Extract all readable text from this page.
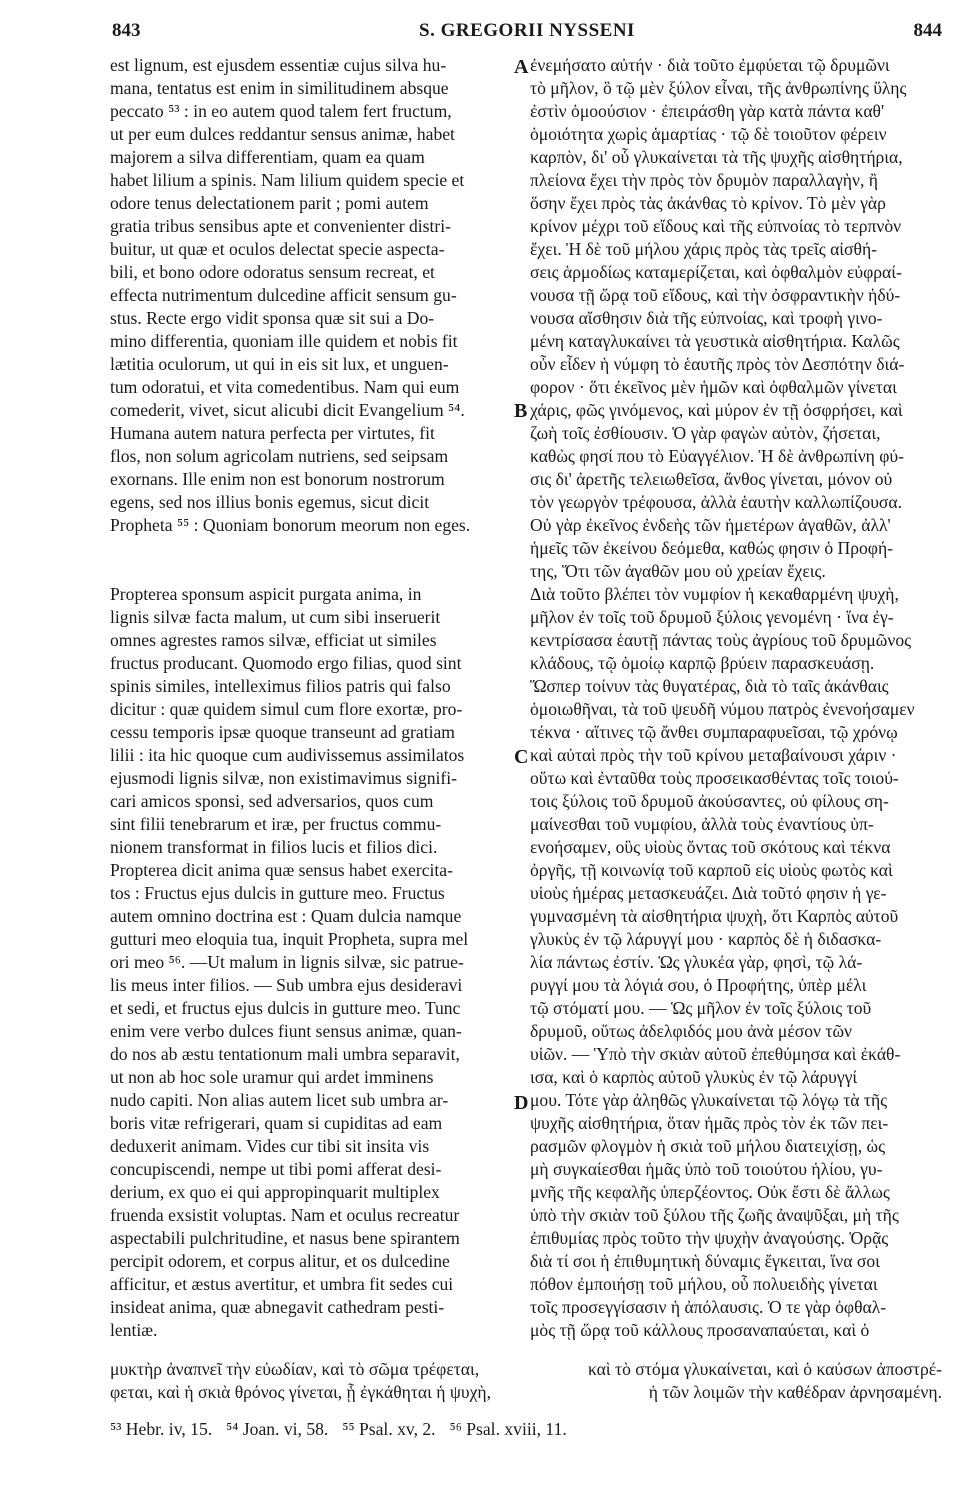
843	S. GREGORII NYSSENI	844
est lignum, est ejusdem essentiæ cujus silva hu-
mana, tentatus est enim in similitudinem absque
peccato ⁵³ : in eo autem quod talem fert fructum,
ut per eum dulces reddantur sensus animæ, habet
majorem a silva differentiam, quam ea quam
habet lilium a spinis. Nam lilium quidem specie et
odore tenus delectationem parit ; pomi autem
gratia tribus sensibus apte et convenienter distri-
buitur, ut quæ et oculos delectat specie aspecta-
bili, et bono odore odoratus sensum recreat, et
effecta nutrimentum dulcedine afficit sensum gu-
stus. Recte ergo vidit sponsa quæ sit sui a Do-
mino differentia, quoniam ille quidem et nobis fit
lætitia oculorum, ut qui in eis sit lux, et unguen-
tum odoratui, et vita comedentibus. Nam qui eum
comederit, vivet, sicut alicubi dicit Evangelium ⁵⁴.
Humana autem natura perfecta per virtutes, fit
flos, non solum agricolam nutriens, sed seipsam
exornans. Ille enim non est bonorum nostrorum
egens, sed nos illius bonis egemus, sicut dicit
Propheta ⁵⁵ : Quoniam bonorum meorum non eges.
Propterea sponsum aspicit purgata anima, in
lignis silvæ facta malum, ut cum sibi inseruerit
omnes agrestes ramos silvæ, efficiat ut similes
fructus producant. Quomodo ergo filias, quod sint
spinis similes, intelleximus filios patris qui falso
dicitur : quæ quidem simul cum flore exortæ, pro-
cessu temporis ipsæ quoque transeunt ad gratiam
lilii : ita hic quoque cum audivissemus assimilatos
ejusmodi lignis silvæ, non existimavimus signifi-
cari amicos sponsi, sed adversarios, quos cum
sint filii tenebrarum et iræ, per fructus commu-
nionem transformat in filios lucis et filios dici.
Propterea dicit anima quæ sensus habet exercita-
tos : Fructus ejus dulcis in gutture meo. Fructus
autem omnino doctrina est : Quam dulcia namque
gutturi meo eloquia tua, inquit Propheta, supra mel
ori meo ⁵⁶. —Ut malum in lignis silvæ, sic patrue-
lis meus inter filios. — Sub umbra ejus desideravi
et sedi, et fructus ejus dulcis in gutture meo. Tunc
enim vere verbo dulces fiunt sensus animæ, quan-
do nos ab æstu tentationum mali umbra separavit,
ut non ab hoc sole uramur qui ardet imminens
nudo capiti. Non alias autem licet sub umbra ar-
boris vitæ refrigerari, quam si cupiditas ad eam
deduxerit animam. Vides cur tibi sit insita vis
concupiscendi, nempe ut tibi pomi afferat desi-
derium, ex quo ei qui appropinquarit multiplex
fruenda exsistit voluptas. Nam et oculus recreatur
aspectabili pulchritudine, et nasus bene spirantem
percipit odorem, et corpus alitur, et os dulcedine
afficitur, et æstus avertitur, et umbra fit sedes cui
insideat anima, quæ abnegavit cathedram pesti-
lentiæ.
ἐνεμήσατο αὐτήν · διὰ τοῦτο ἐμφύεται τῷ δρυμῶνι
τὸ μῆλον, ὃ τῷ μὲν ξύλον εἶναι, τῆς ἀνθρωπίνης ὕλης
ἐστὶν ὁμοούσιον · ἐπειράσθη γὰρ κατὰ πάντα καθ'
ὁμοιότητα χωρὶς ἁμαρτίας · τῷ δὲ τοιοῦτον φέρειν
καρπὸν, δι' οὗ γλυκαίνεται τὰ τῆς ψυχῆς αἰσθητήρια,
πλείονα ἔχει τὴν πρὸς τὸν δρυμὸν παραλλαγὴν, ἢ
ὅσην ἔχει πρὸς τὰς ἀκάνθας τὸ κρίνον. Τὸ μὲν γὰρ
κρίνον μέχρι τοῦ εἴδους καὶ τῆς εὐπνοίας τὸ τερπνὸν
ἔχει. Ἡ δὲ τοῦ μήλου χάρις πρὸς τὰς τρεῖς αἰσθή-
σεις ἁρμοδίως καταμερίζεται, καὶ ὀφθαλμὸν εὐφραί-
νουσα τῇ ὥρᾳ τοῦ εἴδους, καὶ τὴν ὀσφραντικὴν ἡδύ-
νουσα αἴσθησιν διὰ τῆς εὐπνοίας, καὶ τροφὴ γινο-
μένη καταγλυκαίνει τὰ γευστικὰ αἰσθητήρια. Καλῶς
οὖν εἶδεν ἡ νύμφη τὸ ἑαυτῆς πρὸς τὸν Δεσπότην διά-
φορον · ὅτι ἐκεῖνος μὲν ἡμῶν καὶ ὀφθαλμῶν γίνεται
χάρις, φῶς γινόμενος, καὶ μύρον ἐν τῇ ὀσφρήσει, καὶ
ζωὴ τοῖς ἐσθίουσιν. Ὁ γὰρ φαγὼν αὐτὸν, ζήσεται,
καθὼς φησί που τὸ Εὐαγγέλιον. Ἡ δὲ ἀνθρωπίνη φύ-
σις δι' ἀρετῆς τελειωθεῖσα, ἄνθος γίνεται, μόνον οὐ
τὸν γεωργὸν τρέφουσα, ἀλλὰ ἑαυτὴν καλλωπίζουσα.
Οὐ γὰρ ἐκεῖνος ἐνδεὴς τῶν ἡμετέρων ἀγαθῶν, ἀλλ'
ἡμεῖς τῶν ἐκείνου δεόμεθα, καθώς φησιν ὁ Προφή-
της, Ὅτι τῶν ἀγαθῶν μου οὐ χρείαν ἔχεις.
Διὰ τοῦτο βλέπει τὸν νυμφίον ἡ κεκαθαρμένη ψυχὴ,
μῆλον ἐν τοῖς τοῦ δρυμοῦ ξύλοις γενομένη · ἵνα ἐγ-
κεντρίσασα ἑαυτῇ πάντας τοὺς ἀγρίους τοῦ δρυμῶνος
κλάδους, τῷ ὁμοίῳ καρπῷ βρύειν παρασκευάσῃ.
Ὥσπερ τοίνυν τὰς θυγατέρας, διὰ τὸ ταῖς ἀκάνθαις
ὁμοιωθῆναι, τὰ τοῦ ψευδῆ νύμου πατρὸς ἐνενοήσαμεν
τέκνα · αἵτινες τῷ ἄνθει συμπαραφυεῖσαι, τῷ χρόνῳ
καὶ αὐταὶ πρὸς τὴν τοῦ κρίνου μεταβαίνουσι χάριν ·
οὕτω καὶ ἐνταῦθα τοὺς προσεικασθέντας τοῖς τοιού-
τοις ξύλοις τοῦ δρυμοῦ ἀκούσαντες, οὐ φίλους ση-
μαίνεσθαι τοῦ νυμφίου, ἀλλὰ τοὺς ἐναντίους ὑπ-
ενοήσαμεν, οὓς υἱοὺς ὄντας τοῦ σκότους καὶ τέκνα
ὀργῆς, τῇ κοινωνίᾳ τοῦ καρποῦ εἰς υἱοὺς φωτὸς καὶ
υἱοὺς ἡμέρας μετασκευάζει. Διὰ τοῦτό φησιν ἡ γε-
γυμνασμένη τὰ αἰσθητήρια ψυχὴ, ὅτι Καρπὸς αὐτοῦ
γλυκὺς ἐν τῷ λάρυγγί μου · καρπὸς δὲ ἡ διδασκα-
λία πάντως ἐστίν. Ὡς γλυκέα γὰρ, φησὶ, τῷ λά-
ρυγγί μου τὰ λόγιά σου, ὁ Προφήτης, ὑπὲρ μέλι
τῷ στόματί μου. — Ὡς μῆλον ἐν τοῖς ξύλοις τοῦ
δρυμοῦ, οὕτως ἀδελφιδός μου ἀνὰ μέσον τῶν
υἱῶν. — Ὑπὸ τὴν σκιὰν αὐτοῦ ἐπεθύμησα καὶ ἐκάθ-
ισα, καὶ ὁ καρπὸς αὐτοῦ γλυκὺς ἐν τῷ λάρυγγί
μου. Τότε γὰρ ἀληθῶς γλυκαίνεται τῷ λόγῳ τὰ τῆς
ψυχῆς αἰσθητήρια, ὅταν ἡμᾶς πρὸς τὸν ἐκ τῶν πει-
ρασμῶν φλογμὸν ἡ σκιὰ τοῦ μήλου διατειχίσῃ, ὡς
μὴ συγκαίεσθαι ἡμᾶς ὑπὸ τοῦ τοιούτου ἡλίου, γυ-
μνῆς τῆς κεφαλῆς ὑπερζέοντος. Οὐκ ἔστι δὲ ἄλλως
ὑπὸ τὴν σκιὰν τοῦ ξύλου τῆς ζωῆς ἀναψῦξαι, μὴ τῆς
ἐπιθυμίας πρὸς τοῦτο τὴν ψυχὴν ἀναγούσης. Ὁρᾷς
διὰ τί σοι ἡ ἐπιθυμητικὴ δύναμις ἔγκειται, ἵνα σοι
πόθον ἐμποιήσῃ τοῦ μήλου, οὗ πολυειδὴς γίνεται
τοῖς προσεγγίσασιν ἡ ἀπόλαυσις. Ὁ τε γὰρ ὀφθαλ-
μὸς τῇ ὥρᾳ τοῦ κάλλους προσαναπαύεται, καὶ ὁ
A
B
C
D
μυκτὴρ ἀναπνεῖ τὴν εὐωδίαν, καὶ τὸ σῶμα τρέφεται,	καὶ τὸ στόμα γλυκαίνεται, καὶ ὁ καύσων ἀποστρέ-
φεται, καὶ ἡ σκιὰ θρόνος γίνεται, ᾗ ἐγκάθηται ἡ ψυχὴ,	ἡ τῶν λοιμῶν τὴν καθέδραν ἀρνησαμένη.
⁵³ Hebr. iv, 15. ⁵⁴ Joan. vi, 58. ⁵⁵ Psal. xv, 2. ⁵⁶ Psal. xviii, 11.
